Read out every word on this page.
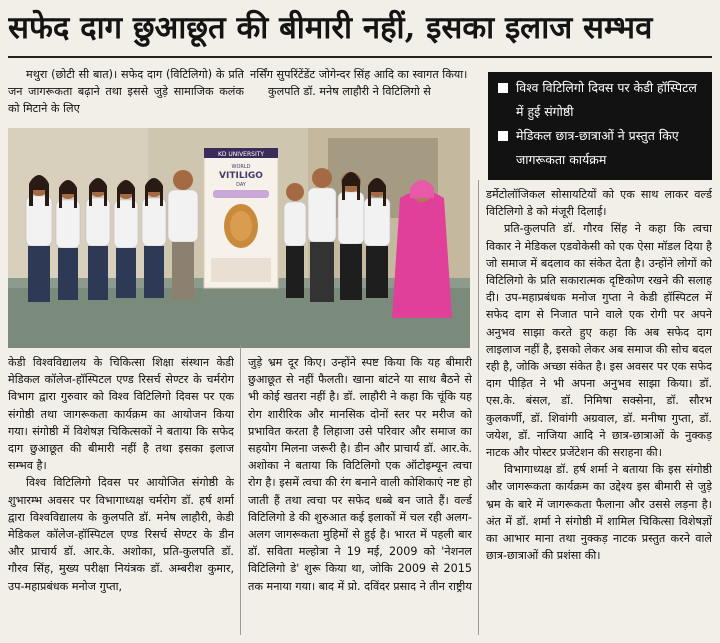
सफेद दाग छुआछूत की बीमारी नहीं, इसका इलाज सम्भव

मथुरा (छोटी सी बात)। सफेद दाग (विटिलिगो) के प्रति जन जागरूकता बढ़ाने तथा इससे जुड़े सामाजिक कलंक को मिटाने के लिए

नर्सिंग सुपरिंटेंडेंट जोगेन्दर सिंह आदि का स्वागत किया।

कुलपति डॉ. मनेष लाहौरी ने विटिलिगो से	विश्व विटिलिगो दिवस पर केडी हॉस्पिटल में हुई संगोष्ठी
मेडिकल छात्र-छात्राओं ने प्रस्तुत किए जागरूकता कार्यक्रम
KD UNIVERSITY
WORLD
VITILIGO
DAY

केडी विश्वविद्यालय के चिकित्सा शिक्षा संस्थान केडी मेडिकल कॉलेज-हॉस्पिटल एण्ड रिसर्च सेण्टर के चर्मरोग विभाग द्वारा गुरुवार को विश्व विटिलिगो दिवस पर एक संगोष्ठी तथा जागरूकता कार्यक्रम का आयोजन किया गया। संगोष्ठी में विशेषज्ञ चिकित्सकों ने बताया कि सफेद दाग छुआछूत की बीमारी नहीं है तथा इसका इलाज सम्भव है।

विश्व विटिलिगो दिवस पर आयोजित संगोष्ठी के शुभारम्भ अवसर पर विभागाध्यक्ष चर्मरोग डॉ. हर्ष शर्मा द्वारा विश्वविद्यालय के कुलपति डॉ. मनेष लाहौरी, केडी मेडिकल कॉलेज-हॉस्पिटल एण्ड रिसर्च सेण्टर के डीन और प्राचार्य डॉ. आर.के. अशोका, प्रति-कुलपति डॉ. गौरव सिंह, मुख्य परीक्षा नियंत्रक डॉ. अम्बरीश कुमार, उप-महाप्रबंधक मनोज गुप्ता,

जुड़े भ्रम दूर किए। उन्होंने स्पष्ट किया कि यह बीमारी छुआछूत से नहीं फैलती। खाना बांटने या साथ बैठने से भी कोई खतरा नहीं है। डॉ. लाहौरी ने कहा कि चूंकि यह रोग शारीरिक और मानसिक दोनों स्तर पर मरीज को प्रभावित करता है लिहाजा उसे परिवार और समाज का सहयोग मिलना जरूरी है। डीन और प्राचार्य डॉ. आर.के. अशोका ने बताया कि विटिलिगो एक ऑटोइम्यून त्वचा रोग है। इसमें त्वचा की रंग बनाने वाली कोशिकाएं नष्ट हो जाती हैं तथा त्वचा पर सफेद धब्बे बन जाते हैं। वर्ल्ड विटिलिगो डे की शुरुआत कई इलाकों में चल रही अलग-अलग जागरूकता मुहिमों से हुई है। भारत में पहली बार डॉ. सविता मल्होत्रा ने 19 मई, 2009 को 'नेशनल विटिलिगो डे' शुरू किया था, जोकि 2009 से 2015 तक मनाया गया। बाद में प्रो. दविंदर प्रसाद ने तीन राष्ट्रीय

डर्मेटोलॉजिकल सोसायटियों को एक साथ लाकर वर्ल्ड विटिलिगो डे को मंजूरी दिलाई।

प्रति-कुलपति डॉ. गौरव सिंह ने कहा कि त्वचा विकार ने मेडिकल एडवोकेसी को एक ऐसा मॉडल दिया है जो समाज में बदलाव का संकेत देता है। उन्होंने लोगों को विटिलिगो के प्रति सकारात्मक दृष्टिकोण रखने की सलाह दी। उप-महाप्रबंधक मनोज गुप्ता ने केडी हॉस्पिटल में सफेद दाग से निजात पाने वाले एक रोगी पर अपने अनुभव साझा करते हुए कहा कि अब सफेद दाग लाइलाज नहीं है, इसको लेकर अब समाज की सोच बदल रही है, जोकि अच्छा संकेत है। इस अवसर पर एक सफेद दाग पीड़ित ने भी अपना अनुभव साझा किया। डॉ. एस.के. बंसल, डॉ. निमिषा सक्सेना, डॉ. सौरभ कुलकर्णी, डॉ. शिवांगी अग्रवाल, डॉ. मनीषा गुप्ता, डॉ. जयेश, डॉ. नाजिया आदि ने छात्र-छात्राओं के नुक्कड़ नाटक और पोस्टर प्रजेंटेशन की सराहना की।

विभागाध्यक्ष डॉ. हर्ष शर्मा ने बताया कि इस संगोष्ठी और जागरूकता कार्यक्रम का उद्देश्य इस बीमारी से जुड़े भ्रम के बारे में जागरूकता फैलाना और उससे लड़ना है। अंत में डॉ. शर्मा ने संगोष्ठी में शामिल चिकित्सा विशेषज्ञों का आभार माना तथा नुक्कड़ नाटक प्रस्तुत करने वाले छात्र-छात्राओं की प्रशंसा की।
